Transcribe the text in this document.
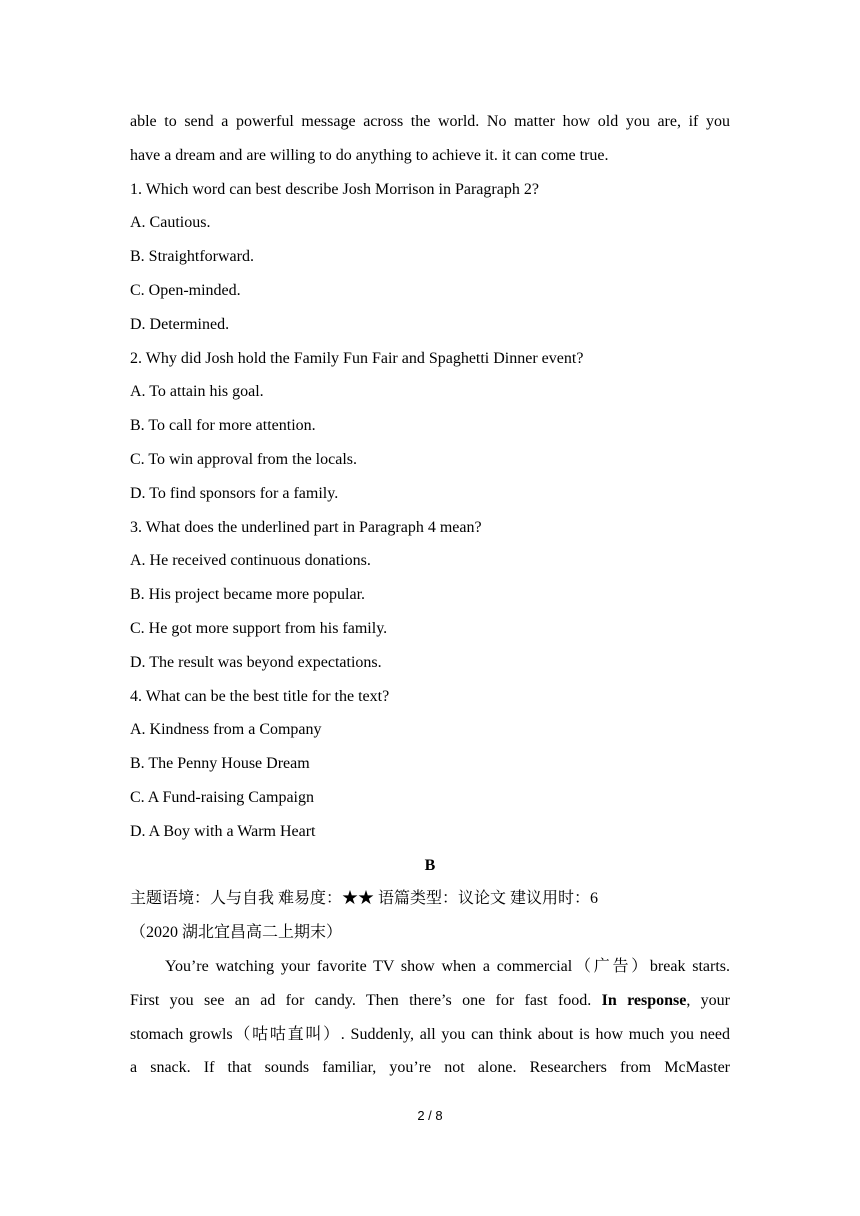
able to send a powerful message across the world. No matter how old you are, if you
have a dream and are willing to do anything to achieve it. it can come true.
1. Which word can best describe Josh Morrison in Paragraph 2?
A. Cautious.
B. Straightforward.
C. Open-minded.
D. Determined.
2. Why did Josh hold the Family Fun Fair and Spaghetti Dinner event?
A. To attain his goal.
B. To call for more attention.
C. To win approval from the locals.
D. To find sponsors for a family.
3. What does the underlined part in Paragraph 4 mean?
A. He received continuous donations.
B. His project became more popular.
C. He got more support from his family.
D. The result was beyond expectations.
4. What can be the best title for the text?
A. Kindness from a Company
B. The Penny House Dream
C. A Fund-raising Campaign
D. A Boy with a Warm Heart
B
主题语境：人与自我 难易度：★★ 语篇类型：议论文 建议用时：6
（2020 湖北宜昌高二上期末）
You’re watching your favorite TV show when a commercial（广告）break starts.
First you see an ad for candy. Then there’s one for fast food. In response, your
stomach growls（咕咕直叫）. Suddenly, all you can think about is how much you need
a snack. If that sounds familiar, you’re not alone. Researchers from McMaster
2 / 8
